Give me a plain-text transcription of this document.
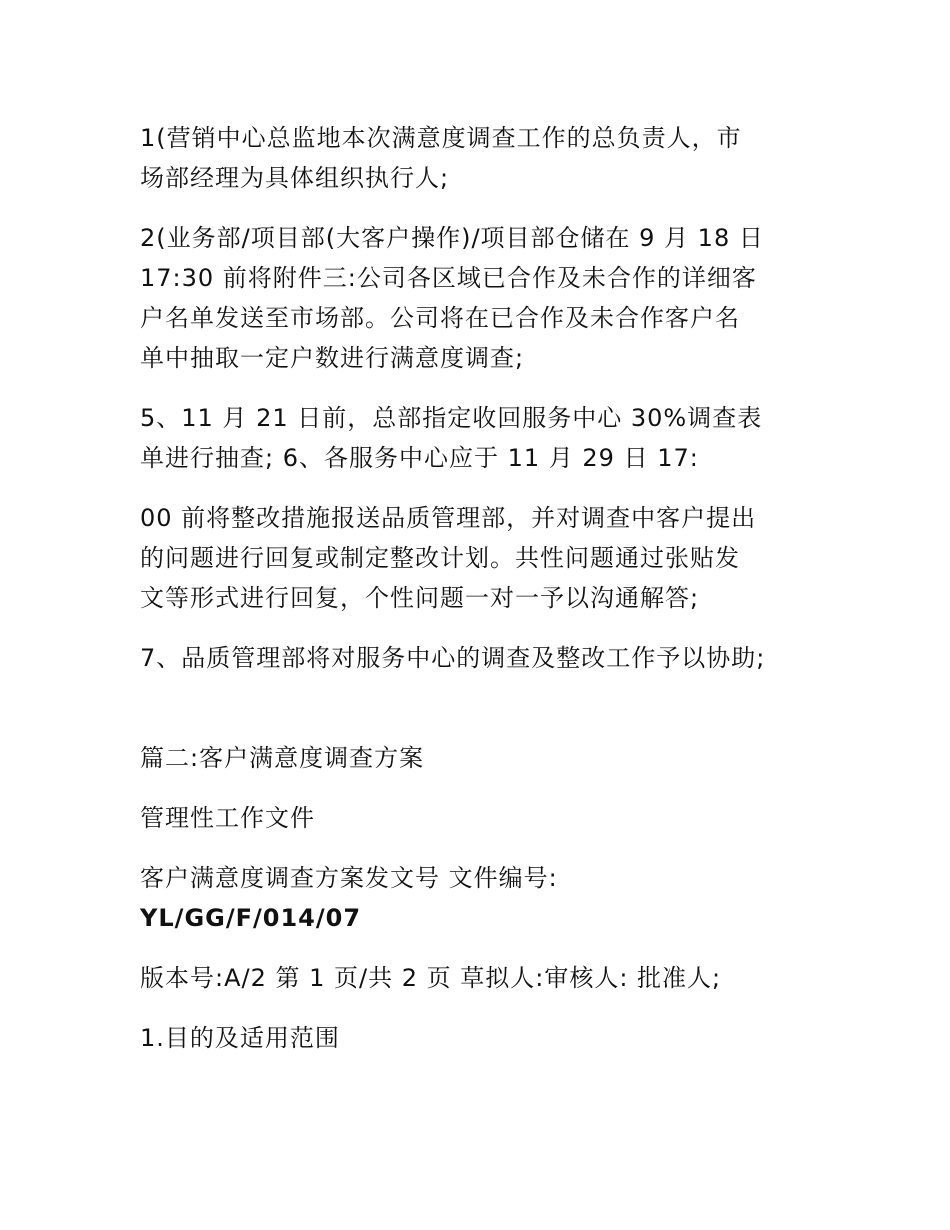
1(营销中心总监地本次满意度调查工作的总负责人，市
场部经理为具体组织执行人;
2(业务部/项目部(大客户操作)/项目部仓储在 9 月 18 日
17:30 前将附件三:公司各区域已合作及未合作的详细客
户名单发送至市场部。公司将在已合作及未合作客户名
单中抽取一定户数进行满意度调查;
5、11 月 21 日前，总部指定收回服务中心 30%调查表
单进行抽查; 6、各服务中心应于 11 月 29 日 17:
00 前将整改措施报送品质管理部，并对调查中客户提出
的问题进行回复或制定整改计划。共性问题通过张贴发
文等形式进行回复，个性问题一对一予以沟通解答;
7、品质管理部将对服务中心的调查及整改工作予以协助;
篇二:客户满意度调查方案
管理性工作文件
客户满意度调查方案发文号 文件编号:
YL/GG/F/014/07
版本号:A/2 第 1 页/共 2 页 草拟人:审核人: 批准人;
1.目的及适用范围
